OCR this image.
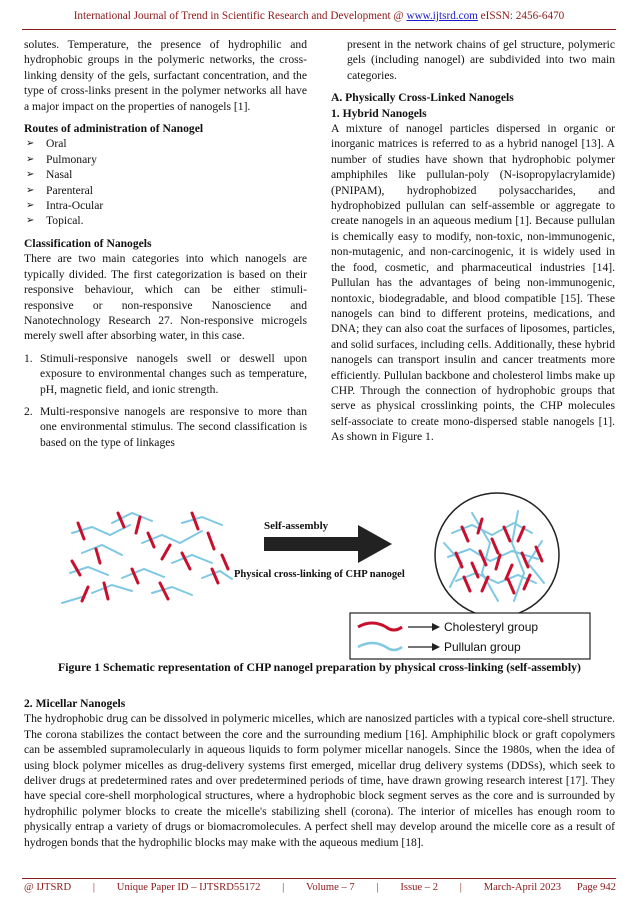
International Journal of Trend in Scientific Research and Development @ www.ijtsrd.com eISSN: 2456-6470

solutes. Temperature, the presence of hydrophilic and hydrophobic groups in the polymeric networks, the cross-linking density of the gels, surfactant concentration, and the type of cross-links present in the polymer networks all have a major impact on the properties of nanogels [1].

Routes of administration of Nanogel

➢ Oral
➢ Pulmonary
➢ Nasal
➢ Parenteral
➢ Intra-Ocular
➢ Topical.

Classification of Nanogels

There are two main categories into which nanogels are typically divided. The first categorization is based on their responsive behaviour, which can be either stimuli-responsive or non-responsive Nanoscience and Nanotechnology Research 27. Non-responsive microgels merely swell after absorbing water, in this case.

1. Stimuli-responsive nanogels swell or deswell upon exposure to environmental changes such as temperature, pH, magnetic field, and ionic strength.
2. Multi-responsive nanogels are responsive to more than one environmental stimulus. The second classification is based on the type of linkages

present in the network chains of gel structure, polymeric gels (including nanogel) are subdivided into two main categories.

A. Physically Cross-Linked Nanogels

1. Hybrid Nanogels

A mixture of nanogel particles dispersed in organic or inorganic matrices is referred to as a hybrid nanogel [13]. A number of studies have shown that hydrophobic polymer amphiphiles like pullulan-poly (N-isopropylacrylamide) (PNIPAM), hydrophobized polysaccharides, and hydrophobized pullulan can self-assemble or aggregate to create nanogels in an aqueous medium [1]. Because pullulan is chemically easy to modify, non-toxic, non-immunogenic, non-mutagenic, and non-carcinogenic, it is widely used in the food, cosmetic, and pharmaceutical industries [14]. Pullulan has the advantages of being non-immunogenic, nontoxic, biodegradable, and blood compatible [15]. These nanogels can bind to different proteins, medications, and DNA; they can also coat the surfaces of liposomes, particles, and solid surfaces, including cells. Additionally, these hybrid nanogels can transport insulin and cancer treatments more efficiently. Pullulan backbone and cholesterol limbs make up CHP. Through the connection of hydrophobic groups that serve as physical crosslinking points, the CHP molecules self-associate to create mono-dispersed stable nanogels [1]. As shown in Figure 1.

Self-assembly
Physical cross-linking of CHP nanogel
Cholesteryl group
Pullulan group
Figure 1 Schematic representation of CHP nanogel preparation by physical cross-linking (self-assembly)

2. Micellar Nanogels

The hydrophobic drug can be dissolved in polymeric micelles, which are nanosized particles with a typical core-shell structure. The corona stabilizes the contact between the core and the surrounding medium [16]. Amphiphilic block or graft copolymers can be assembled supramolecularly in aqueous liquids to form polymer micellar nanogels. Since the 1980s, when the idea of using block polymer micelles as drug-delivery systems first emerged, micellar drug delivery systems (DDSs), which seek to deliver drugs at predetermined rates and over predetermined periods of time, have drawn growing research interest [17]. They have special core-shell morphological structures, where a hydrophobic block segment serves as the core and is surrounded by hydrophilic polymer blocks to create the micelle's stabilizing shell (corona). The interior of micelles has enough room to physically entrap a variety of drugs or biomacromolecules. A perfect shell may develop around the micelle core as a result of hydrogen bonds that the hydrophilic blocks may make with the aqueous medium [18].

@ IJTSRD	|	Unique Paper ID – IJTSRD55172	|	Volume – 7	|	Issue – 2	|	March-April 2023 Page 942
